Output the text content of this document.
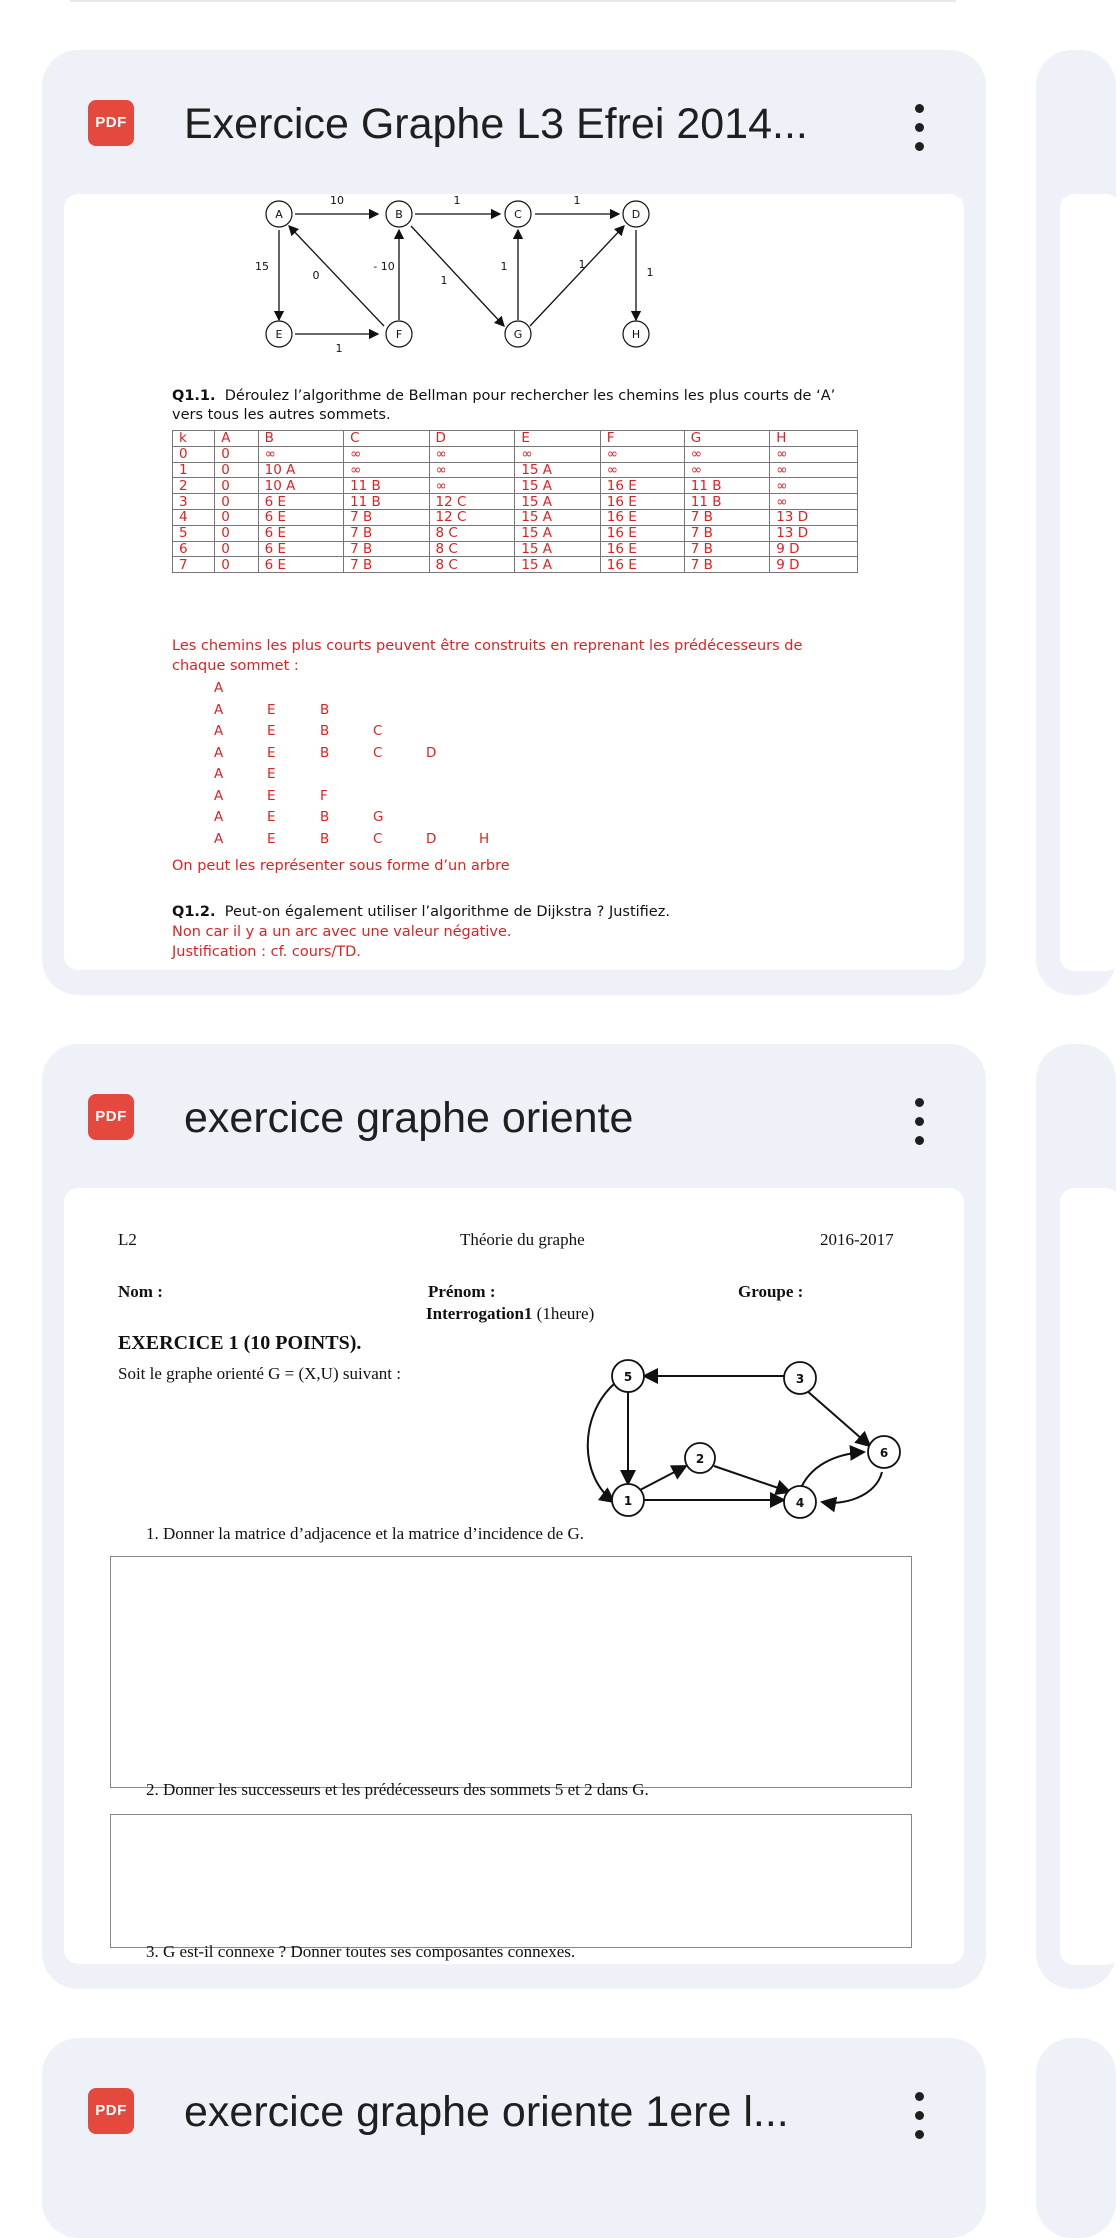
PDF Exercice Graphe L3 Efrei 2014...
A	B	C	D
E	F	G	H
10	1	1
15	- 10
0
1
1
1
1
1
Q1.1. Déroulez l’algorithme de Bellman pour rechercher les chemins les plus courts de ‘A’
vers tous les autres sommets.
k	A	B	C	D	E	F	G	H
0	0	∞	∞	∞	∞	∞	∞	∞
1	0	10 A	∞	∞	15 A	∞	∞	∞
2	0	10 A	11 B	∞	15 A	16 E	11 B	∞
3	0	6 E	11 B	12 C	15 A	16 E	11 B	∞
4	0	6 E	7 B	12 C	15 A	16 E	7 B	13 D
5	0	6 E	7 B	8 C	15 A	16 E	7 B	13 D
6	0	6 E	7 B	8 C	15 A	16 E	7 B	9 D
7	0	6 E	7 B	8 C	15 A	16 E	7 B	9 D
Les chemins les plus courts peuvent être construits en reprenant les prédécesseurs de
chaque sommet :
A
A	E	B
A	E	B	C
A	E	B	C	D
A	E
A	E	F
A	E	B	G
A	E	B	C	D	H
On peut les représenter sous forme d’un arbre
Q1.2. Peut-on également utiliser l’algorithme de Dijkstra ? Justifiez.
Non car il y a un arc avec une valeur négative.
Justification : cf. cours/TD.
PDF exercice graphe oriente
L2	Théorie du graphe	2016-2017
Nom :	Prénom :	Groupe :
Interrogation1 (1heure)
EXERCICE 1 (10 POINTS).
Soit le graphe orienté G = (X,U) suivant :	5	3
2
1	4
6
1. Donner la matrice d’adjacence et la matrice d’incidence de G.
2. Donner les successeurs et les prédécesseurs des sommets 5 et 2 dans G.
3. G est-il connexe ? Donner toutes ses composantes connexes.
PDF exercice graphe oriente 1ere l...
